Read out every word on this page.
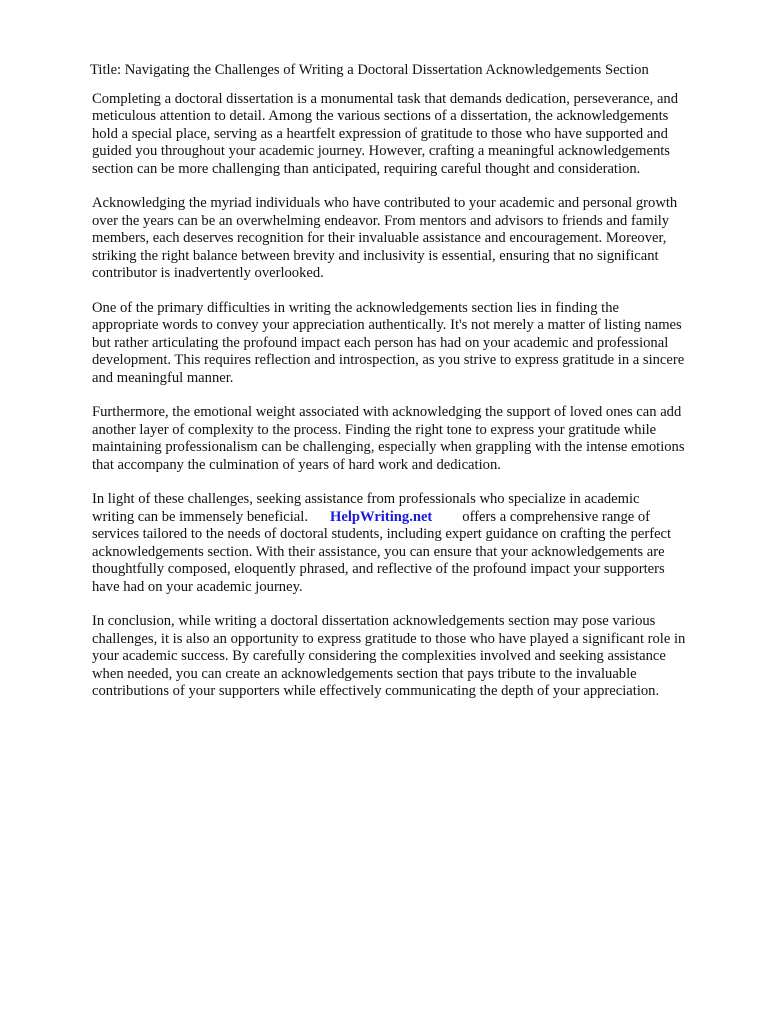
Title: Navigating the Challenges of Writing a Doctoral Dissertation Acknowledgements Section

Completing a doctoral dissertation is a monumental task that demands dedication, perseverance, and
meticulous attention to detail. Among the various sections of a dissertation, the acknowledgements
hold a special place, serving as a heartfelt expression of gratitude to those who have supported and
guided you throughout your academic journey. However, crafting a meaningful acknowledgements
section can be more challenging than anticipated, requiring careful thought and consideration.

Acknowledging the myriad individuals who have contributed to your academic and personal growth
over the years can be an overwhelming endeavor. From mentors and advisors to friends and family
members, each deserves recognition for their invaluable assistance and encouragement. Moreover,
striking the right balance between brevity and inclusivity is essential, ensuring that no significant
contributor is inadvertently overlooked.

One of the primary difficulties in writing the acknowledgements section lies in finding the
appropriate words to convey your appreciation authentically. It's not merely a matter of listing names
but rather articulating the profound impact each person has had on your academic and professional
development. This requires reflection and introspection, as you strive to express gratitude in a sincere
and meaningful manner.

Furthermore, the emotional weight associated with acknowledging the support of loved ones can add
another layer of complexity to the process. Finding the right tone to express your gratitude while
maintaining professionalism can be challenging, especially when grappling with the intense emotions
that accompany the culmination of years of hard work and dedication.

In light of these challenges, seeking assistance from professionals who specialize in academic
writing can be immensely beneficial. HelpWriting.net offers a comprehensive range of
services tailored to the needs of doctoral students, including expert guidance on crafting the perfect
acknowledgements section. With their assistance, you can ensure that your acknowledgements are
thoughtfully composed, eloquently phrased, and reflective of the profound impact your supporters
have had on your academic journey.

In conclusion, while writing a doctoral dissertation acknowledgements section may pose various
challenges, it is also an opportunity to express gratitude to those who have played a significant role in
your academic success. By carefully considering the complexities involved and seeking assistance
when needed, you can create an acknowledgements section that pays tribute to the invaluable
contributions of your supporters while effectively communicating the depth of your appreciation.
